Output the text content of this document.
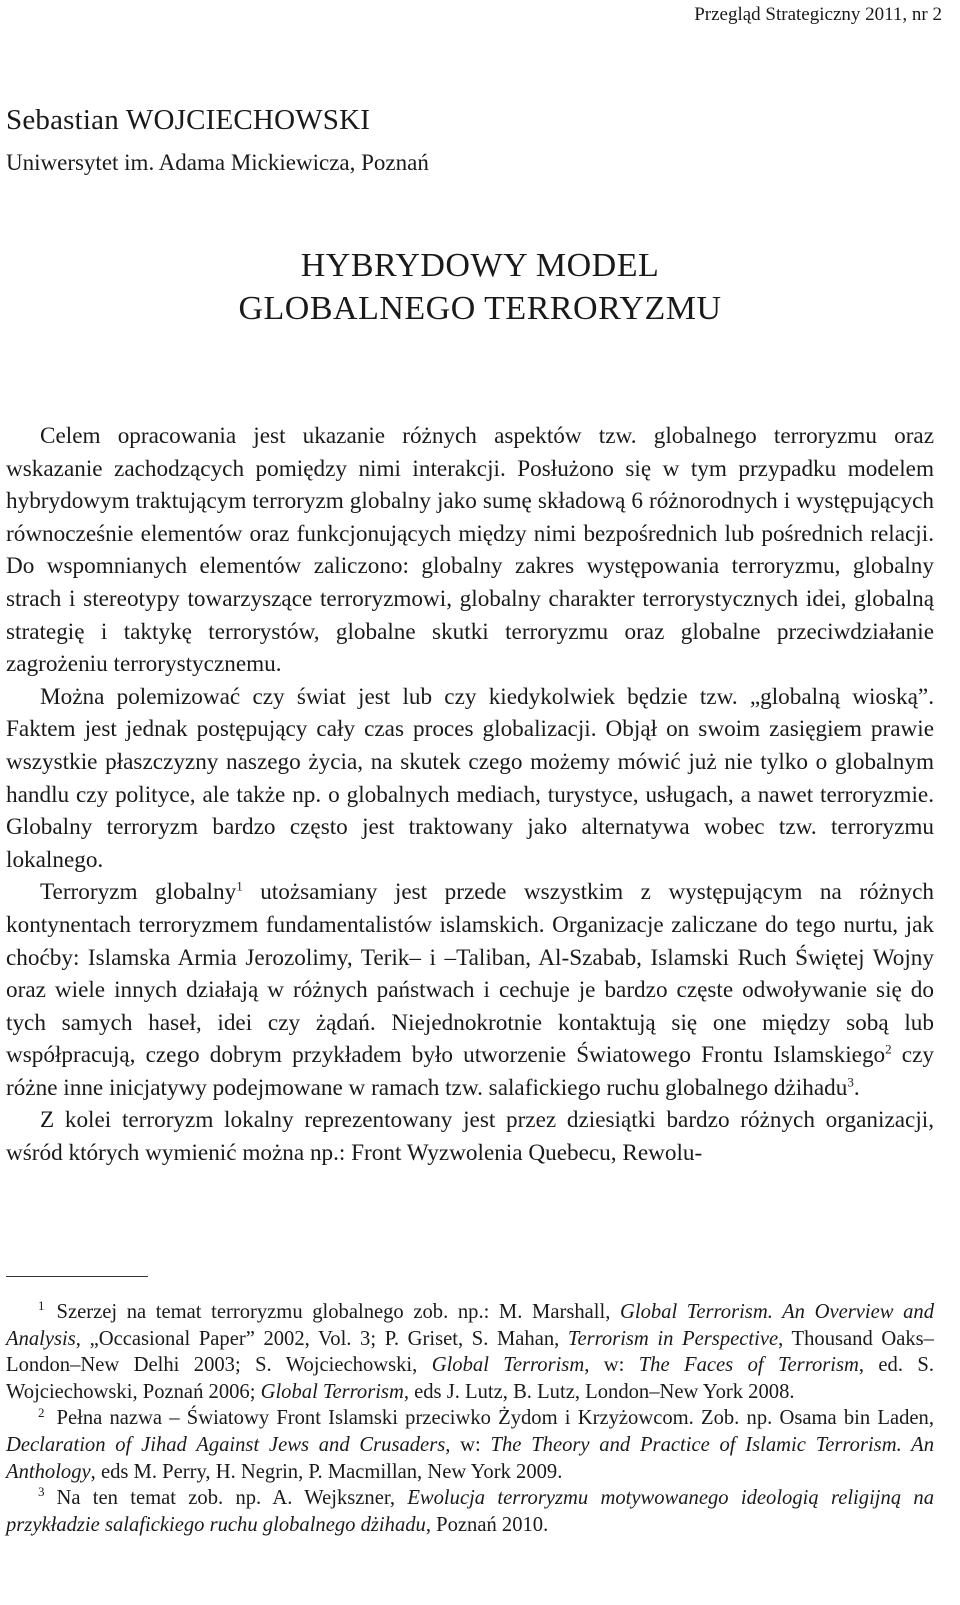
Przegląd Strategiczny 2011, nr 2
Sebastian WOJCIECHOWSKI
Uniwersytet im. Adama Mickiewicza, Poznań
HYBRYDOWY MODEL
GLOBALNEGO TERRORYZMU

Celem opracowania jest ukazanie różnych aspektów tzw. globalnego terroryzmu oraz wskazanie zachodzących pomiędzy nimi interakcji. Posłużono się w tym przypadku modelem hybrydowym traktującym terroryzm globalny jako sumę składową 6 różnorodnych i występujących równocześnie elementów oraz funkcjonujących między nimi bezpośrednich lub pośrednich relacji. Do wspomnianych elementów zaliczono: globalny zakres występowania terroryzmu, globalny strach i stereotypy towarzyszące terroryzmowi, globalny charakter terrorystycznych idei, globalną strategię i taktykę terrorystów, globalne skutki terroryzmu oraz globalne przeciwdziałanie zagrożeniu terrorystycznemu.

Można polemizować czy świat jest lub czy kiedykolwiek będzie tzw. „globalną wioską”. Faktem jest jednak postępujący cały czas proces globalizacji. Objął on swoim zasięgiem prawie wszystkie płaszczyzny naszego życia, na skutek czego możemy mówić już nie tylko o globalnym handlu czy polityce, ale także np. o globalnych mediach, turystyce, usługach, a nawet terroryzmie. Globalny terroryzm bardzo często jest traktowany jako alternatywa wobec tzw. terroryzmu lokalnego.

Terroryzm globalny$^1$ utożsamiany jest przede wszystkim z występującym na różnych kontynentach terroryzmem fundamentalistów islamskich. Organizacje zaliczane do tego nurtu, jak choćby: Islamska Armia Jerozolimy, Terik– i –Taliban, Al-Szabab, Islamski Ruch Świętej Wojny oraz wiele innych działają w różnych państwach i cechuje je bardzo częste odwoływanie się do tych samych haseł, idei czy żądań. Niejednokrotnie kontaktują się one między sobą lub współpracują, czego dobrym przykładem było utworzenie Światowego Frontu Islamskiego$^2$ czy różne inne inicjatywy podejmowane w ramach tzw. salafickiego ruchu globalnego dżihadu$^3$.

Z kolei terroryzm lokalny reprezentowany jest przez dziesiątki bardzo różnych organizacji, wśród których wymienić można np.: Front Wyzwolenia Quebecu, Rewolu-

$^1$ Szerzej na temat terroryzmu globalnego zob. np.: M. Marshall, Global Terrorism. An Overview and Analysis, „Occasional Paper” 2002, Vol. 3; P. Griset, S. Mahan, Terrorism in Perspective, Thousand Oaks–London–New Delhi 2003; S. Wojciechowski, Global Terrorism, w: The Faces of Terrorism, ed. S. Wojciechowski, Poznań 2006; Global Terrorism, eds J. Lutz, B. Lutz, London–New York 2008.

$^2$ Pełna nazwa – Światowy Front Islamski przeciwko Żydom i Krzyżowcom. Zob. np. Osama bin Laden, Declaration of Jihad Against Jews and Crusaders, w: The Theory and Practice of Islamic Terrorism. An Anthology, eds M. Perry, H. Negrin, P. Macmillan, New York 2009.

$^3$ Na ten temat zob. np. A. Wejkszner, Ewolucja terroryzmu motywowanego ideologią religijną na przykładzie salafickiego ruchu globalnego dżihadu, Poznań 2010.
